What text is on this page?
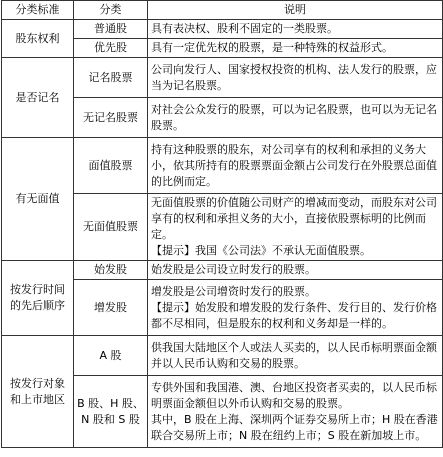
分类标准	分类	说明
股东权利	普通股	具有表决权、股利不固定的一类股票。

	优先股	具有一定优先权的股票，是一种特殊的权益形式。

是否记名	记名股票	公司向发行人、国家授权投资的机构、法人发行的股票，应当为记名股票。

	无记名股票	对社会公众发行的股票，可以为记名股票，也可以为无记名股票。

有无面值	面值股票	持有这种股票的股东，对公司享有的权利和承担的义务大小，依其所持有的股票票面金额占公司发行在外股票总面值的比例而定。

	无面值股票	无面值股票的价值随公司财产的增减而变动，而股东对公司享有的权利和承担义务的大小，直接依股票标明的比例而定。
【提示】我国《公司法》不承认无面值股票。

按发行时间的先后顺序	始发股	始发股是公司设立时发行的股票。

	增发股	增发股是公司增资时发行的股票。
【提示】始发股和增发股的发行条件、发行目的、发行价格都不尽相同，但是股东的权利和义务却是一样的。

按发行对象和上市地区	A 股	供我国大陆地区个人或法人买卖的，以人民币标明票面金额并以人民币认购和交易的股票。

	B 股、H 股、N 股和 S 股	专供外国和我国港、澳、台地区投资者买卖的，以人民币标明票面金额但以外币认购和交易的股票。
其中，B 股在上海、深圳两个证券交易所上市；H 股在香港联合交易所上市；N 股在纽约上市；S 股在新加坡上市。
